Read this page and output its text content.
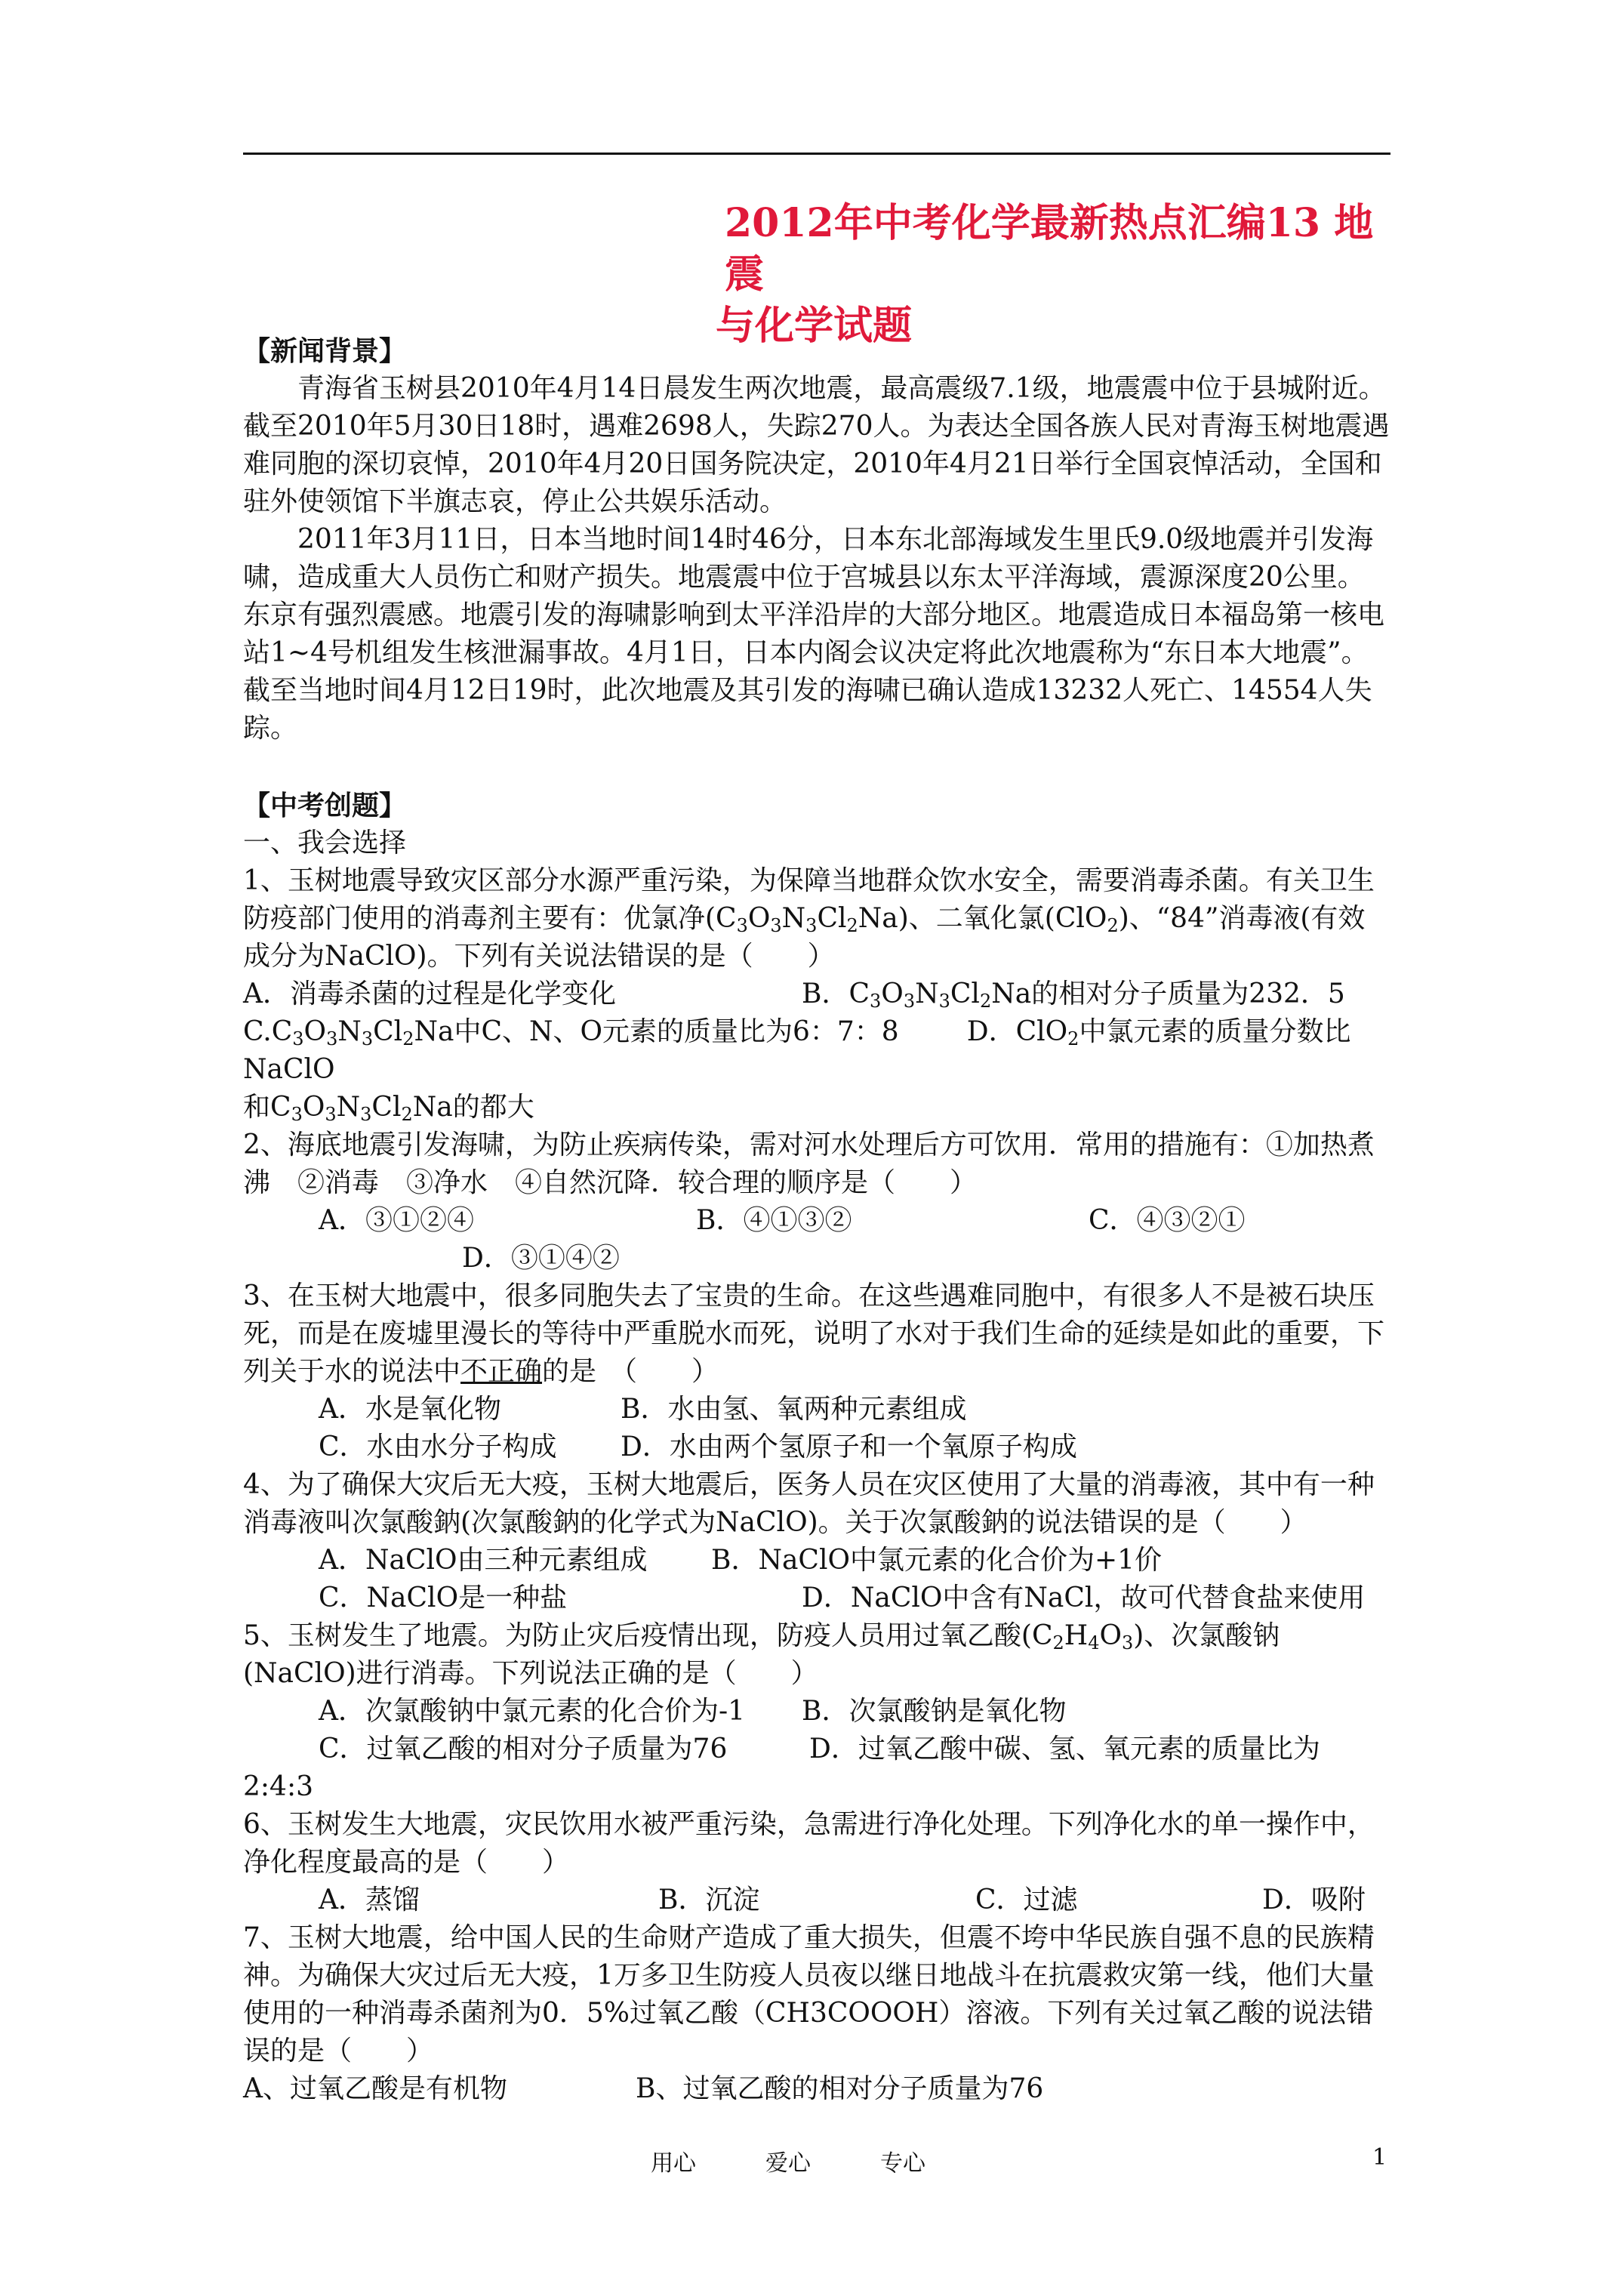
2012年中考化学最新热点汇编13 地震
与化学试题

【新闻背景】

青海省玉树县2010年4月14日晨发生两次地震，最高震级7.1级，地震震中位于县城附近。截至2010年5月30日18时，遇难2698人，失踪270人。为表达全国各族人民对青海玉树地震遇难同胞的深切哀悼，2010年4月20日国务院决定，2010年4月21日举行全国哀悼活动，全国和驻外使领馆下半旗志哀，停止公共娱乐活动。

2011年3月11日，日本当地时间14时46分，日本东北部海域发生里氏9.0级地震并引发海啸，造成重大人员伤亡和财产损失。地震震中位于宫城县以东太平洋海域，震源深度20公里。东京有强烈震感。地震引发的海啸影响到太平洋沿岸的大部分地区。地震造成日本福岛第一核电站1~4号机组发生核泄漏事故。4月1日，日本内阁会议决定将此次地震称为“东日本大地震”。截至当地时间4月12日19时，此次地震及其引发的海啸已确认造成13232人死亡、14554人失踪。

【中考创题】

一、我会选择

1、玉树地震导致灾区部分水源严重污染，为保障当地群众饮水安全，需要消毒杀菌。有关卫生防疫部门使用的消毒剂主要有：优氯净$(C_3O_3N_3Cl_2Na)$、二氧化氯(ClO$_2$)、“84”消毒液(有效成分为NaClO)。下列有关说法错误的是（　　）

A．消毒杀菌的过程是化学变化	B．$C_3O_3N_3Cl_2Na$的相对分子质量为232．5

$C.C_3O_3N_3Cl_2Na$中C、N、O元素的质量比为6：7：8	D．ClO$_2$中氯元素的质量分数比NaClO

和$C_3O_3N_3Cl_2Na$的都大

2、海底地震引发海啸，为防止疾病传染，需对河水处理后方可饮用．常用的措施有：①加热煮沸　②消毒　③净水　④自然沉降．较合理的顺序是（　　）

A．③①②④	B．④①③②	C．④③②①

D．③①④②

3、在玉树大地震中，很多同胞失去了宝贵的生命。在这些遇难同胞中，有很多人不是被石块压死，而是在废墟里漫长的等待中严重脱水而死，说明了水对于我们生命的延续是如此的重要，下列关于水的说法中不正确的是　（　　）

A．水是氧化物	B．水由氢、氧两种元素组成

C．水由水分子构成	D．水由两个氢原子和一个氧原子构成

4、为了确保大灾后无大疫，玉树大地震后，医务人员在灾区使用了大量的消毒液，其中有一种消毒液叫次氯酸鈉(次氯酸鈉的化学式为NaClO)。关于次氯酸鈉的说法错误的是（　　）

A．NaClO由三种元素组成	B．NaClO中氯元素的化合价为+1价

C．NaClO是一种盐	D．NaClO中含有NaCl，故可代替食盐来使用

5、玉树发生了地震。为防止灾后疫情出现，防疫人员用过氧乙酸$(C_2H_4O_3)$、次氯酸钠(NaClO)进行消毒。下列说法正确的是（　　）

A．次氯酸钠中氯元素的化合价为-1	B．次氯酸钠是氧化物

C．过氧乙酸的相对分子质量为76	D．过氧乙酸中碳、氢、氧元素的质量比为

2:4:3

6、玉树发生大地震，灾民饮用水被严重污染，急需进行净化处理。下列净化水的单一操作中，净化程度最高的是（　　）

A．蒸馏	B．沉淀	C．过滤	D．吸附

7、玉树大地震，给中国人民的生命财产造成了重大损失，但震不垮中华民族自强不息的民族精神。为确保大灾过后无大疫，1万多卫生防疫人员夜以继日地战斗在抗震救灾第一线，他们大量使用的一种消毒杀菌剂为0．5%过氧乙酸（CH3COOOH）溶液。下列有关过氧乙酸的说法错误的是（　　）

A、过氧乙酸是有机物	B、过氧乙酸的相对分子质量为76

用心	爱心	专心	1
